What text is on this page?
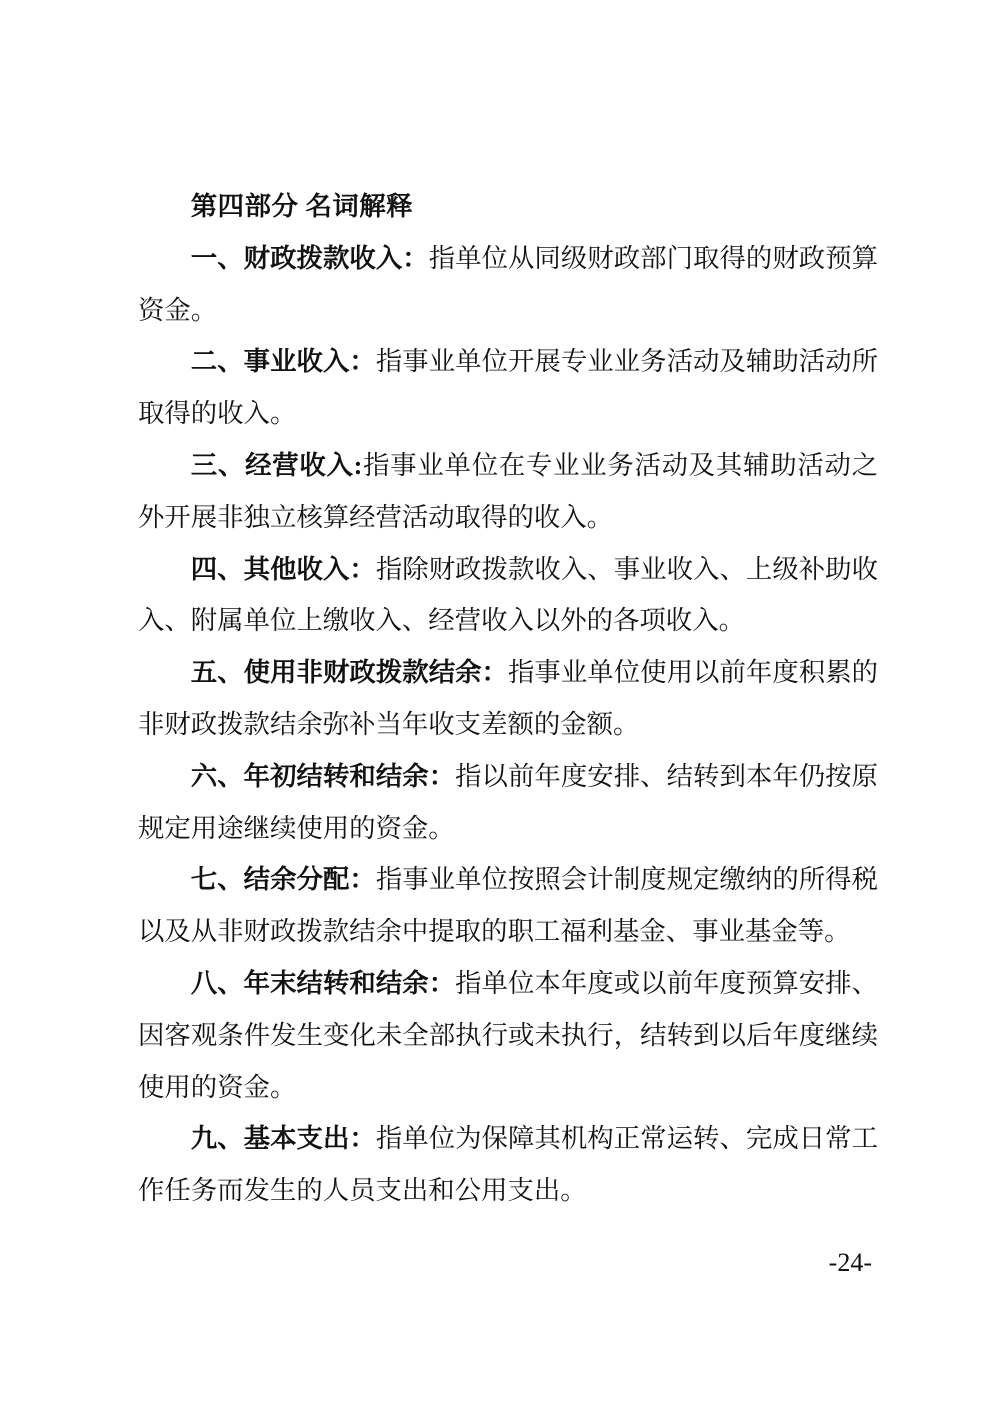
第四部分 名词解释

一、财政拨款收入：指单位从同级财政部门取得的财政预算资金。

二、事业收入：指事业单位开展专业业务活动及辅助活动所取得的收入。

三、经营收入:指事业单位在专业业务活动及其辅助活动之外开展非独立核算经营活动取得的收入。

四、其他收入：指除财政拨款收入、事业收入、上级补助收入、附属单位上缴收入、经营收入以外的各项收入。

五、使用非财政拨款结余：指事业单位使用以前年度积累的非财政拨款结余弥补当年收支差额的金额。

六、年初结转和结余：指以前年度安排、结转到本年仍按原规定用途继续使用的资金。

七、结余分配：指事业单位按照会计制度规定缴纳的所得税以及从非财政拨款结余中提取的职工福利基金、事业基金等。

八、年末结转和结余：指单位本年度或以前年度预算安排、因客观条件发生变化未全部执行或未执行，结转到以后年度继续使用的资金。

九、基本支出：指单位为保障其机构正常运转、完成日常工作任务而发生的人员支出和公用支出。

-24-
